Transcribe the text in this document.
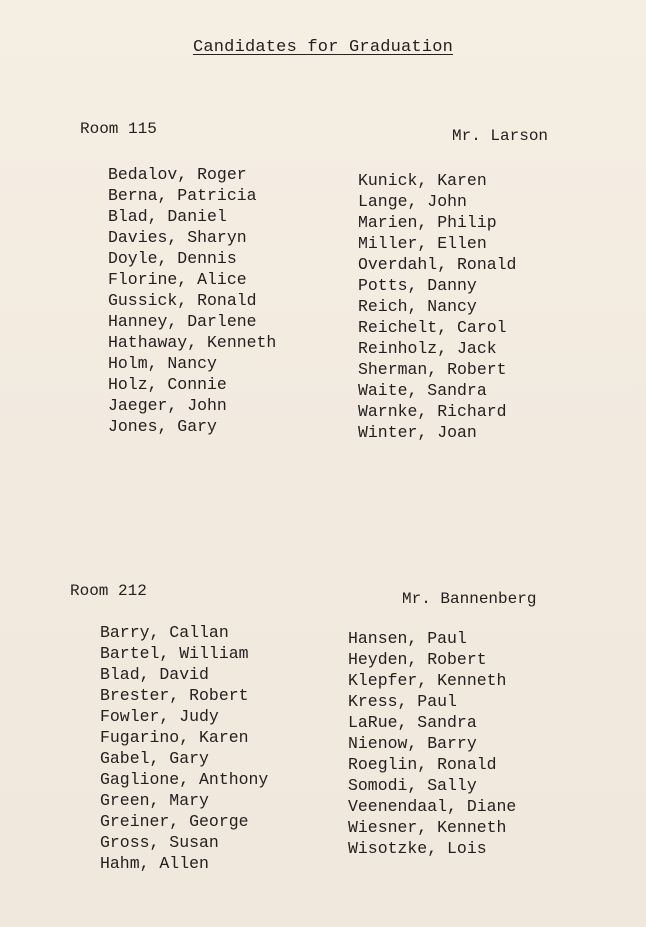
Candidates for Graduation
Room 115	Mr. Larson
Bedalov, Roger
Berna, Patricia
Blad, Daniel
Davies, Sharyn
Doyle, Dennis
Florine, Alice
Gussick, Ronald
Hanney, Darlene
Hathaway, Kenneth
Holm, Nancy
Holz, Connie
Jaeger, John
Jones, Gary
Kunick, Karen
Lange, John
Marien, Philip
Miller, Ellen
Overdahl, Ronald
Potts, Danny
Reich, Nancy
Reichelt, Carol
Reinholz, Jack
Sherman, Robert
Waite, Sandra
Warnke, Richard
Winter, Joan
Room 212	Mr. Bannenberg
Barry, Callan
Bartel, William
Blad, David
Brester, Robert
Fowler, Judy
Fugarino, Karen
Gabel, Gary
Gaglione, Anthony
Green, Mary
Greiner, George
Gross, Susan
Hahm, Allen
Hansen, Paul
Heyden, Robert
Klepfer, Kenneth
Kress, Paul
LaRue, Sandra
Nienow, Barry
Roeglin, Ronald
Somodi, Sally
Veenendaal, Diane
Wiesner, Kenneth
Wisotzke, Lois
